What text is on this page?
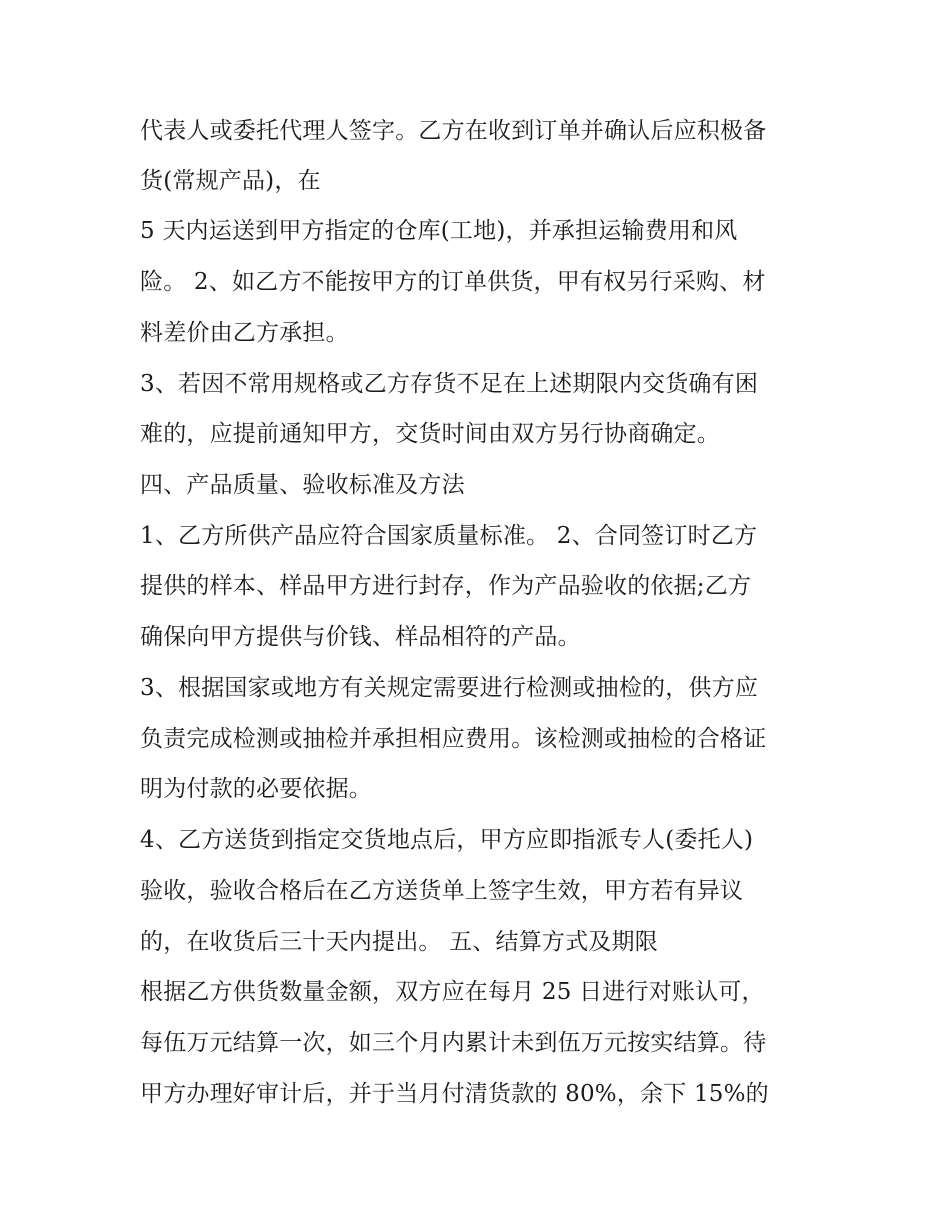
代表人或委托代理人签字。乙方在收到订单并确认后应积极备
货(常规产品)，在
5 天内运送到甲方指定的仓库(工地)，并承担运输费用和风
险。 2、如乙方不能按甲方的订单供货，甲有权另行采购、材
料差价由乙方承担。
3、若因不常用规格或乙方存货不足在上述期限内交货确有困
难的，应提前通知甲方，交货时间由双方另行协商确定。
四、产品质量、验收标准及方法
1、乙方所供产品应符合国家质量标准。 2、合同签订时乙方
提供的样本、样品甲方进行封存，作为产品验收的依据;乙方
确保向甲方提供与价钱、样品相符的产品。
3、根据国家或地方有关规定需要进行检测或抽检的，供方应
负责完成检测或抽检并承担相应费用。该检测或抽检的合格证
明为付款的必要依据。
4、乙方送货到指定交货地点后，甲方应即指派专人(委托人)
验收，验收合格后在乙方送货单上签字生效，甲方若有异议
的，在收货后三十天内提出。 五、结算方式及期限
根据乙方供货数量金额，双方应在每月 25 日进行对账认可，
每伍万元结算一次，如三个月内累计未到伍万元按实结算。待
甲方办理好审计后，并于当月付清货款的 80%，余下 15%的
